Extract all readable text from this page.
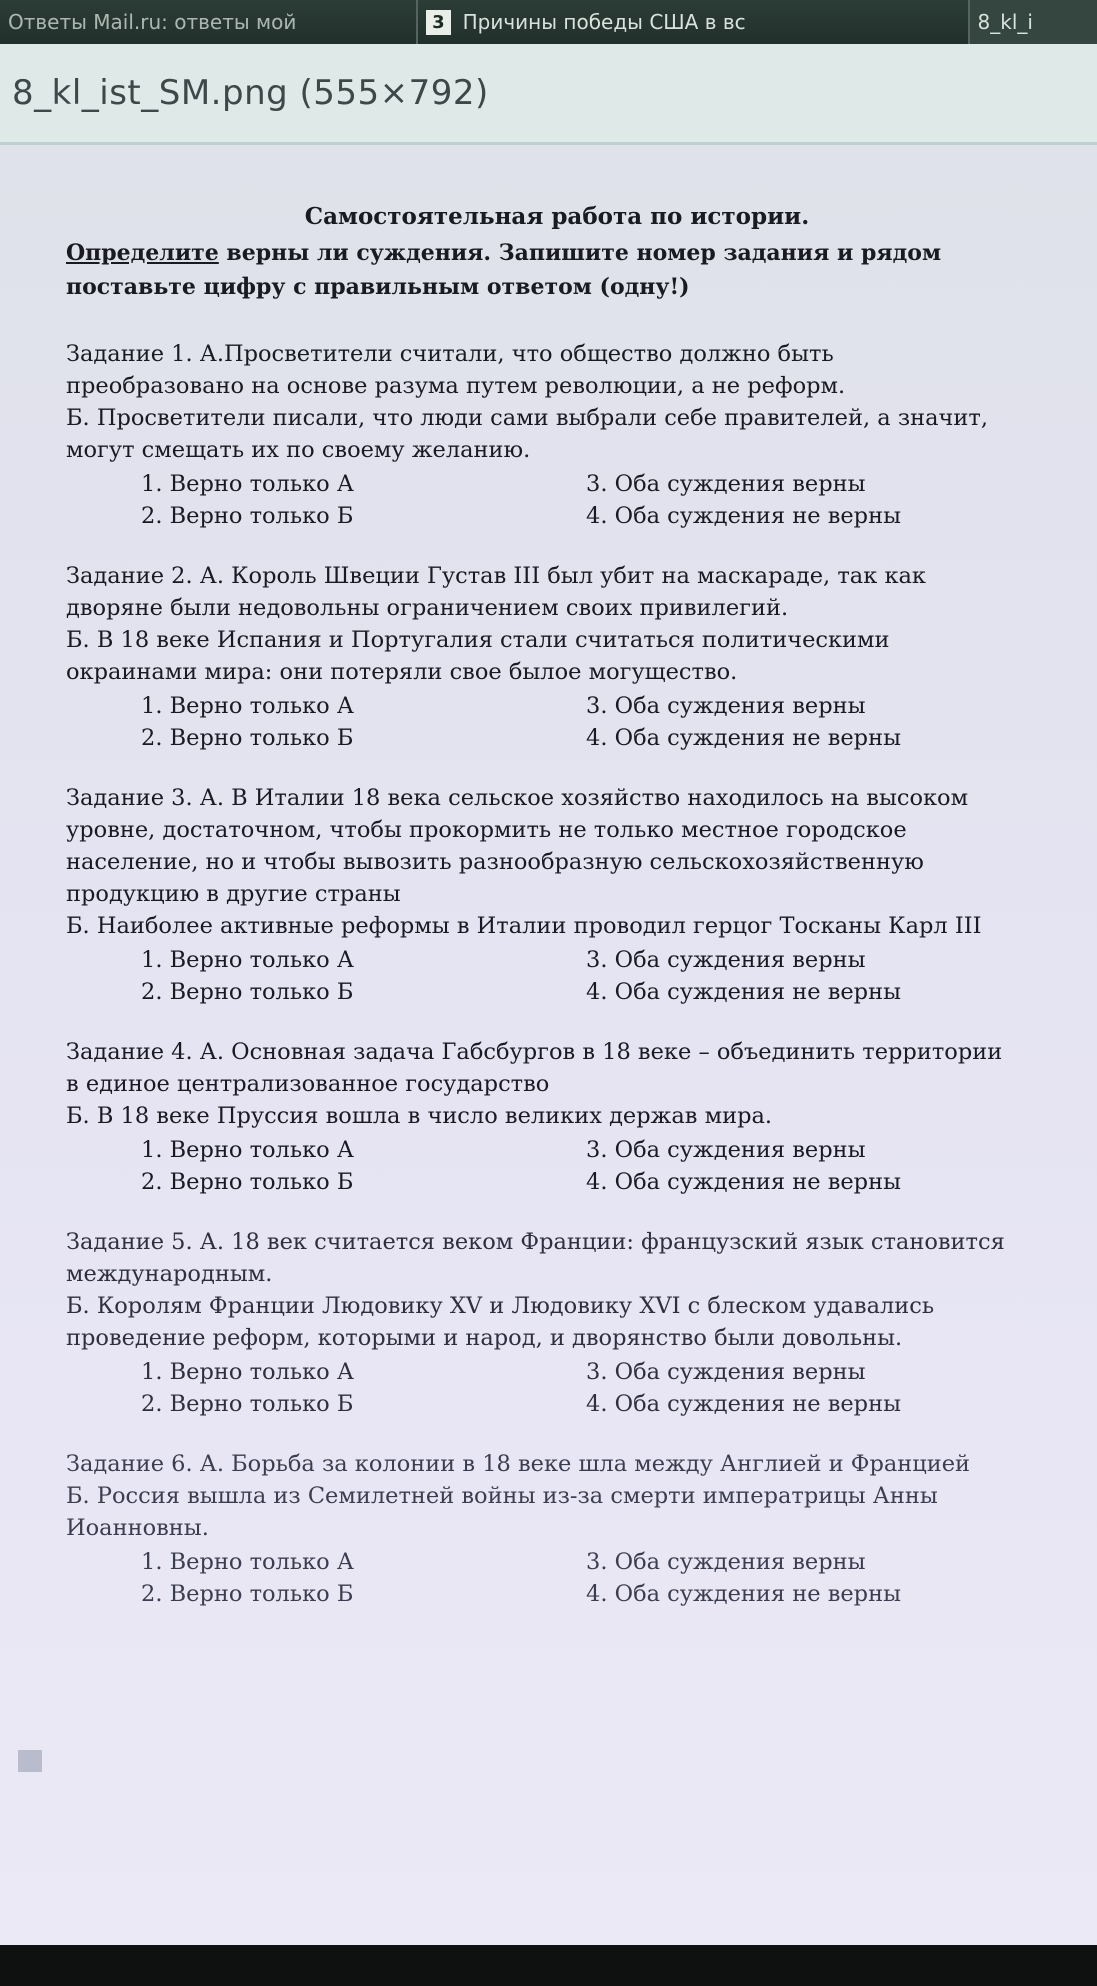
Ответы Mail.ru: ответы мой	3 Причины победы США в вс	8_kl_i
8_kl_ist_SM.png (555×792)
Самостоятельная работа по истории.
Определите верны ли суждения. Запишите номер задания и рядом поставьте цифру с правильным ответом (одну!)

Задание 1. А.Просветители считали, что общество должно быть

преобразовано на основе разума путем революции, а не реформ.

Б. Просветители писали, что люди сами выбрали себе правителей, а значит,

могут смещать их по своему желанию.

1. Верно только А	3. Оба суждения верны
2. Верно только Б	4. Оба суждения не верны

Задание 2. А. Король Швеции Густав III был убит на маскараде, так как

дворяне были недовольны ограничением своих привилегий.

Б. В 18 веке Испания и Португалия стали считаться политическими

окраинами мира: они потеряли свое былое могущество.

1. Верно только А	3. Оба суждения верны
2. Верно только Б	4. Оба суждения не верны

Задание 3. А. В Италии 18 века сельское хозяйство находилось на высоком

уровне, достаточном, чтобы прокормить не только местное городское

население, но и чтобы вывозить разнообразную сельскохозяйственную

продукцию в другие страны

Б. Наиболее активные реформы в Италии проводил герцог Тосканы Карл III

1. Верно только А	3. Оба суждения верны
2. Верно только Б	4. Оба суждения не верны

Задание 4. А. Основная задача Габсбургов в 18 веке – объединить территории

в единое централизованное государство

Б. В 18 веке Пруссия вошла в число великих держав мира.

1. Верно только А	3. Оба суждения верны
2. Верно только Б	4. Оба суждения не верны

Задание 5. А. 18 век считается веком Франции: французский язык становится

международным.

Б. Королям Франции Людовику XV и Людовику XVI с блеском удавались

проведение реформ, которыми и народ, и дворянство были довольны.

1. Верно только А	3. Оба суждения верны
2. Верно только Б	4. Оба суждения не верны

Задание 6. А. Борьба за колонии в 18 веке шла между Англией и Францией

Б. Россия вышла из Семилетней войны из-за смерти императрицы Анны

Иоанновны.

1. Верно только А	3. Оба суждения верны
2. Верно только Б	4. Оба суждения не верны
